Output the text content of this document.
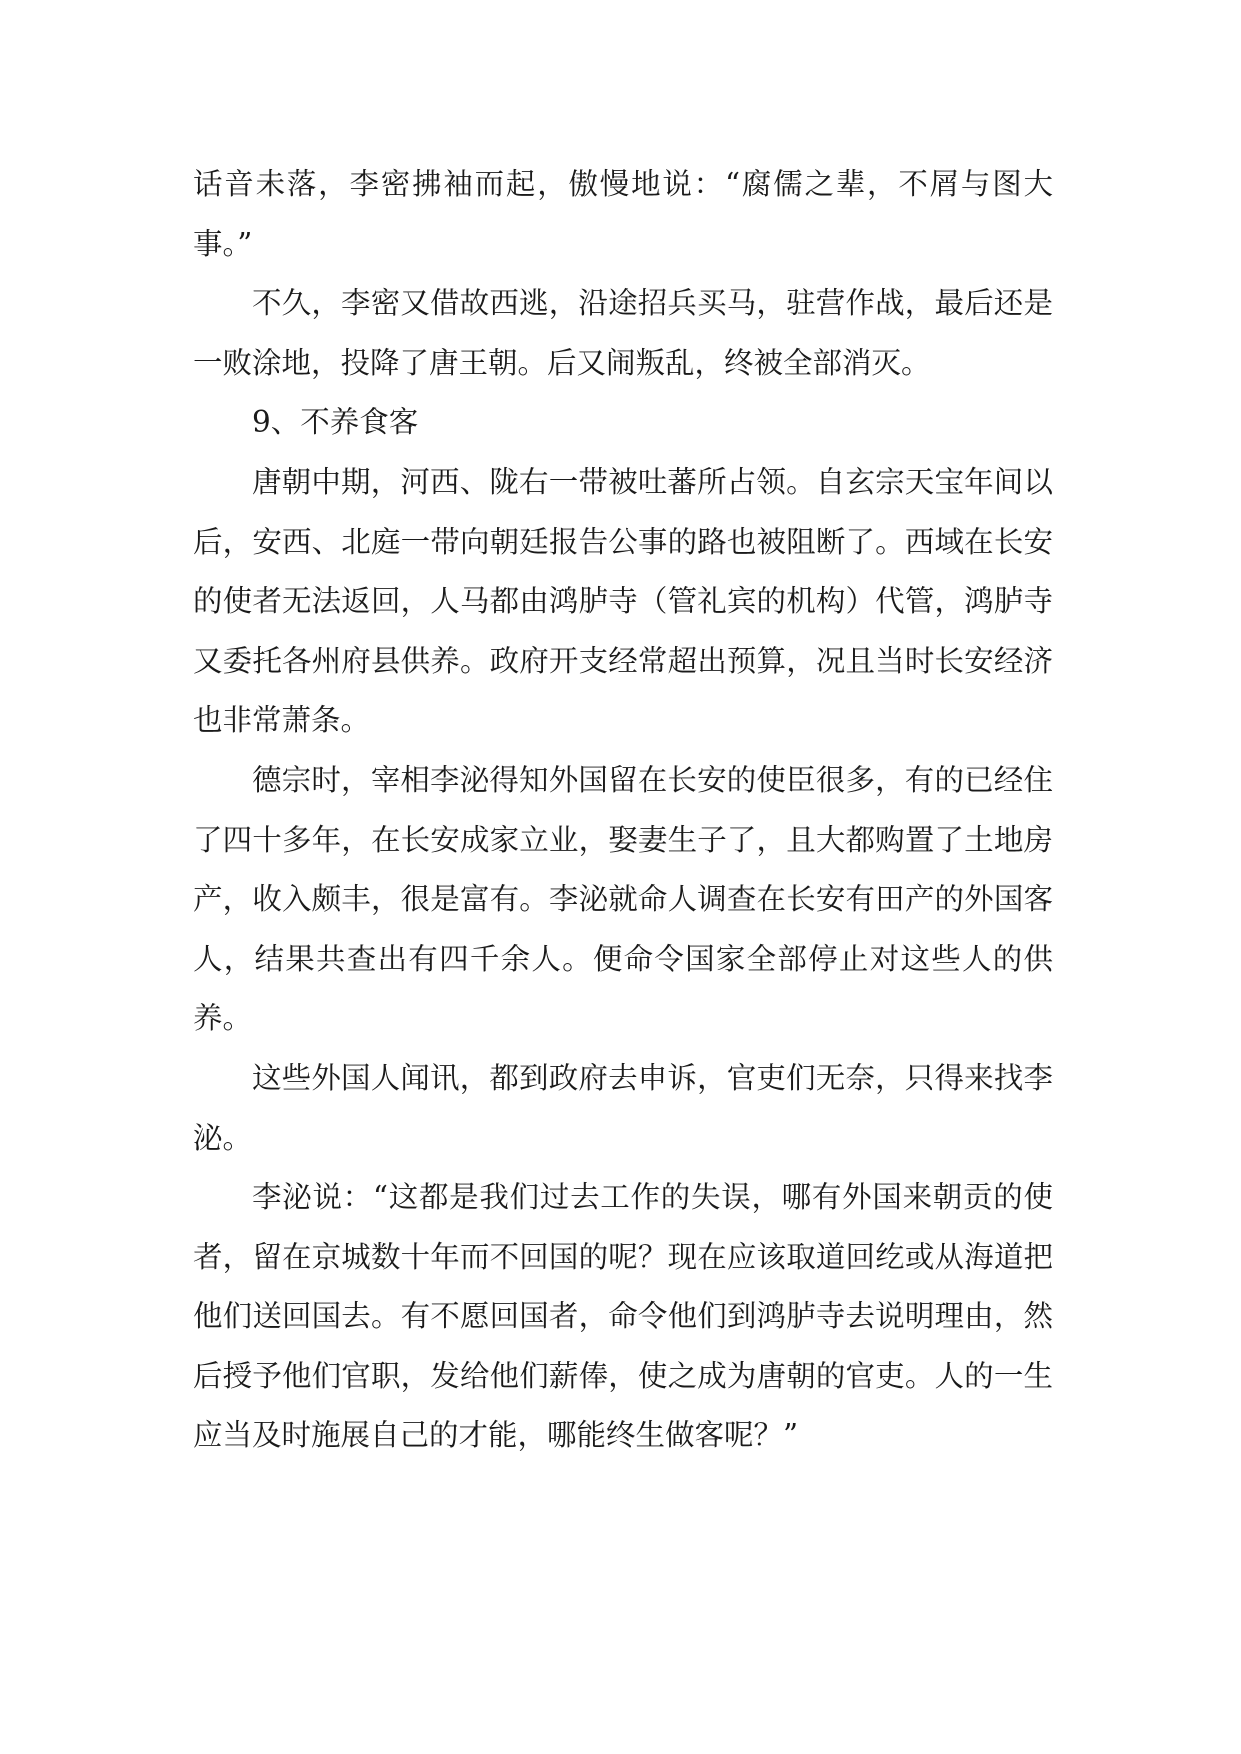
话音未落，李密拂袖而起，傲慢地说：“腐儒之辈，不屑与图大事。”

不久，李密又借故西逃，沿途招兵买马，驻营作战，最后还是一败涂地，投降了唐王朝。后又闹叛乱，终被全部消灭。

9、不养食客

唐朝中期，河西、陇右一带被吐蕃所占领。自玄宗天宝年间以后，安西、北庭一带向朝廷报告公事的路也被阻断了。西域在长安的使者无法返回，人马都由鸿胪寺（管礼宾的机构）代管，鸿胪寺又委托各州府县供养。政府开支经常超出预算，况且当时长安经济也非常萧条。

德宗时，宰相李泌得知外国留在长安的使臣很多，有的已经住了四十多年，在长安成家立业，娶妻生子了，且大都购置了土地房产，收入颇丰，很是富有。李泌就命人调查在长安有田产的外国客人，结果共查出有四千余人。便命令国家全部停止对这些人的供养。

这些外国人闻讯，都到政府去申诉，官吏们无奈，只得来找李泌。

李泌说：“这都是我们过去工作的失误，哪有外国来朝贡的使者，留在京城数十年而不回国的呢？现在应该取道回纥或从海道把他们送回国去。有不愿回国者，命令他们到鸿胪寺去说明理由，然后授予他们官职，发给他们薪俸，使之成为唐朝的官吏。人的一生应当及时施展自己的才能，哪能终生做客呢？”
